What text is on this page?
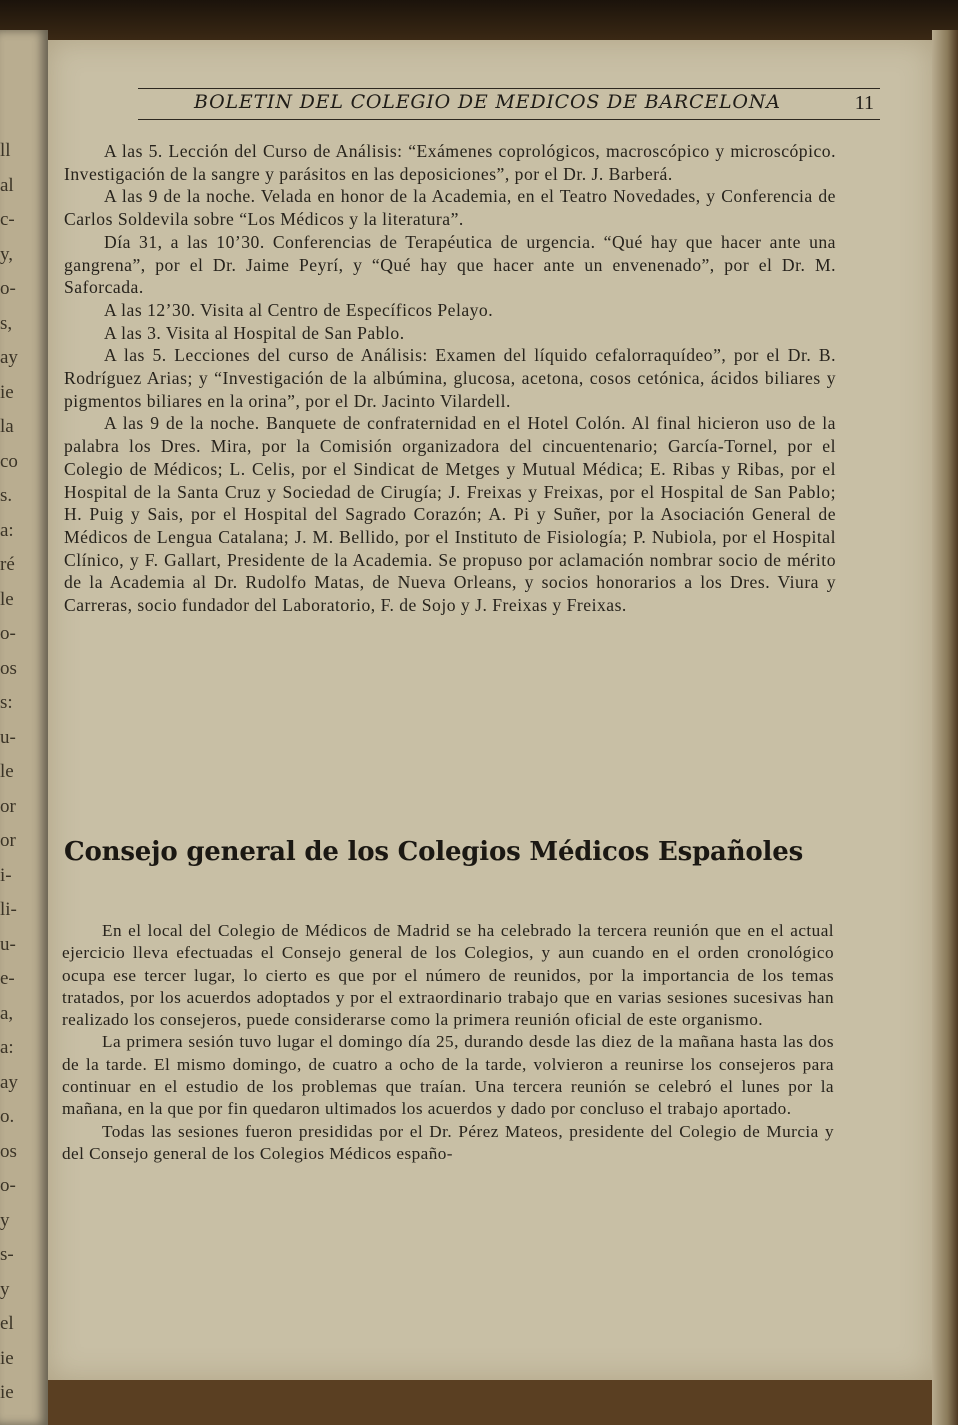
ll
al
c-
y,
o-
s,
ay
ie
la
co
s.
a:
ré
le
o-
os
s:
u-
le
or
or
i-
li-
u-
e-
a,
a:
ay
o.
os
o-
y
s-
y
el
ie
ie
BOLETIN DEL COLEGIO DE MEDICOS DE BARCELONA	11

A las 5. Lección del Curso de Análisis: “Exámenes coprológicos, macroscópico y microscópico. Investigación de la sangre y parásitos en las deposiciones”, por el Dr. J. Barberá.

A las 9 de la noche. Velada en honor de la Academia, en el Teatro Novedades, y Conferencia de Carlos Soldevila sobre “Los Médicos y la literatura”.

Día 31, a las 10’30. Conferencias de Terapéutica de urgencia. “Qué hay que hacer ante una gangrena”, por el Dr. Jaime Peyrí, y “Qué hay que hacer ante un envenenado”, por el Dr. M. Saforcada.

A las 12’30. Visita al Centro de Específicos Pelayo.

A las 3. Visita al Hospital de San Pablo.

A las 5. Lecciones del curso de Análisis: Examen del líquido cefalorraquídeo”, por el Dr. B. Rodríguez Arias; y “Investigación de la albúmina, glucosa, acetona, cosos cetónica, ácidos biliares y pigmentos biliares en la orina”, por el Dr. Jacinto Vilardell.

A las 9 de la noche. Banquete de confraternidad en el Hotel Colón. Al final hicieron uso de la palabra los Dres. Mira, por la Comisión organizadora del cincuentenario; García-Tornel, por el Colegio de Médicos; L. Celis, por el Sindicat de Metges y Mutual Médica; E. Ribas y Ribas, por el Hospital de la Santa Cruz y Sociedad de Cirugía; J. Freixas y Freixas, por el Hospital de San Pablo; H. Puig y Sais, por el Hospital del Sagrado Corazón; A. Pi y Suñer, por la Asociación General de Médicos de Lengua Catalana; J. M. Bellido, por el Instituto de Fisiología; P. Nubiola, por el Hospital Clínico, y F. Gallart, Presidente de la Academia. Se propuso por aclamación nombrar socio de mérito de la Academia al Dr. Rudolfo Matas, de Nueva Orleans, y socios honorarios a los Dres. Viura y Carreras, socio fundador del Laboratorio, F. de Sojo y J. Freixas y Freixas.

Consejo general de los Colegios Médicos Españoles

En el local del Colegio de Médicos de Madrid se ha celebrado la tercera reunión que en el actual ejercicio lleva efectuadas el Consejo general de los Colegios, y aun cuando en el orden cronológico ocupa ese tercer lugar, lo cierto es que por el número de reunidos, por la importancia de los temas tratados, por los acuerdos adoptados y por el extraordinario trabajo que en varias sesiones sucesivas han realizado los consejeros, puede considerarse como la primera reunión oficial de este organismo.

La primera sesión tuvo lugar el domingo día 25, durando desde las diez de la mañana hasta las dos de la tarde. El mismo domingo, de cuatro a ocho de la tarde, volvieron a reunirse los consejeros para continuar en el estudio de los problemas que traían. Una tercera reunión se celebró el lunes por la mañana, en la que por fin quedaron ultimados los acuerdos y dado por concluso el trabajo aportado.

Todas las sesiones fueron presididas por el Dr. Pérez Mateos, presidente del Colegio de Murcia y del Consejo general de los Colegios Médicos españo-
